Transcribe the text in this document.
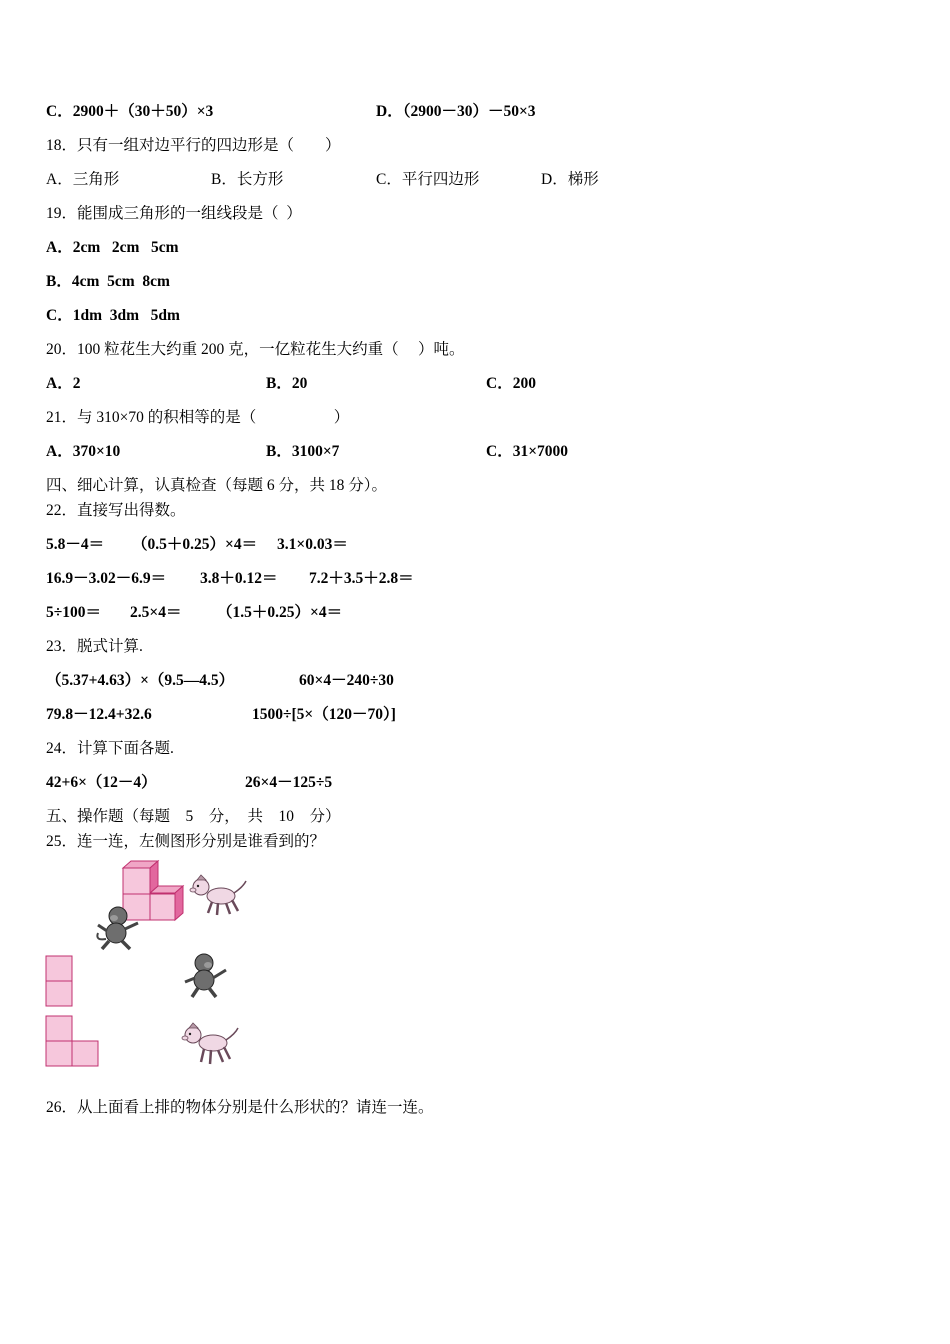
C．2900＋（30＋50）×3	D．（2900－30）－50×3
18．只有一组对边平行的四边形是（　　）
A．三角形	B．长方形	C．平行四边形	D．梯形
19．能围成三角形的一组线段是（  ）
A．2cm   2cm   5cm
B．4cm  5cm  8cm
C．1dm  3dm   5dm
20．100 粒花生大约重 200 克，一亿粒花生大约重（　 ）吨。
A．2	B．20	C．200
21．与 310×70 的积相等的是（　　　　　）
A．370×10	B．3100×7	C．31×7000
四、细心计算，认真检查（每题 6 分，共 18 分）。
22．直接写出得数。
5.8－4＝ （0.5＋0.25）×4＝ 3.1×0.03＝
16.9－3.02－6.9＝ 3.8＋0.12＝ 7.2＋3.5＋2.8＝
5÷100＝ 2.5×4＝ （1.5＋0.25）×4＝
23．脱式计算.
（5.37+4.63）×（9.5—4.5）	60×4－240÷30
79.8－12.4+32.6	1500÷[5×（120－70）]
24．计算下面各题.
42+6×（12－4）	26×4－125÷5
五、操作题（每题　5　分，　共　10　分）
25．连一连，左侧图形分别是谁看到的？
26．从上面看上排的物体分别是什么形状的？请连一连。
